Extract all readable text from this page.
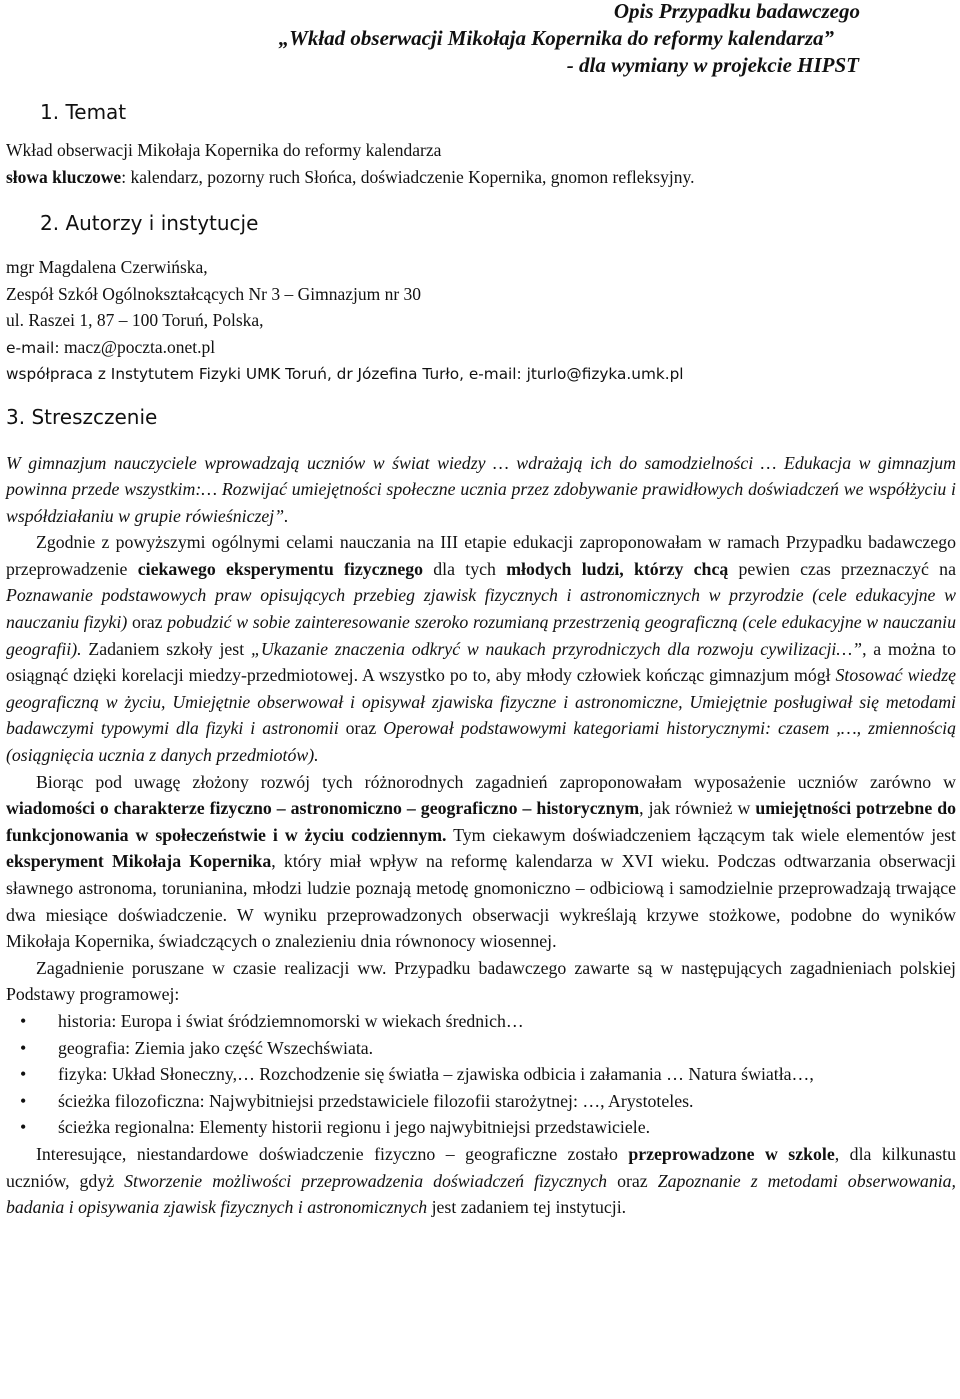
Opis Przypadku badawczego
„Wkład obserwacji Mikołaja Kopernika do reformy kalendarza”
- dla wymiany w projekcie HIPST
1. Temat
Wkład obserwacji Mikołaja Kopernika do reformy kalendarza
słowa kluczowe: kalendarz, pozorny ruch Słońca, doświadczenie Kopernika, gnomon refleksyjny.
2. Autorzy i instytucje
mgr Magdalena Czerwińska,
Zespół Szkół Ogólnokształcących Nr 3 – Gimnazjum nr 30
ul. Raszei 1, 87 – 100 Toruń, Polska,
e-mail: macz@poczta.onet.pl
współpraca z Instytutem Fizyki UMK Toruń, dr Józefina Turło, e-mail: jturlo@fizyka.umk.pl
3. Streszczenie

W gimnazjum nauczyciele wprowadzają uczniów w świat wiedzy … wdrażają ich do samodzielności … Edukacja w gimnazjum powinna przede wszystkim:… Rozwijać umiejętności społeczne ucznia przez zdobywanie prawidłowych doświadczeń we współżyciu i współdziałaniu w grupie rówieśniczej”.

Zgodnie z powyższymi ogólnymi celami nauczania na III etapie edukacji zaproponowałam w ramach Przypadku badawczego przeprowadzenie ciekawego eksperymentu fizycznego dla tych młodych ludzi, którzy chcą pewien czas przeznaczyć na Poznawanie podstawowych praw opisujących przebieg zjawisk fizycznych i astronomicznych w przyrodzie (cele edukacyjne w nauczaniu fizyki) oraz pobudzić w sobie zainteresowanie szeroko rozumianą przestrzenią geograficzną (cele edukacyjne w nauczaniu geografii). Zadaniem szkoły jest „Ukazanie znaczenia odkryć w naukach przyrodniczych dla rozwoju cywilizacji…”, a można to osiągnąć dzięki korelacji miedzy-przedmiotowej. A wszystko po to, aby młody człowiek kończąc gimnazjum mógł Stosować wiedzę geograficzną w życiu, Umiejętnie obserwował i opisywał zjawiska fizyczne i astronomiczne, Umiejętnie posługiwał się metodami badawczymi typowymi dla fizyki i astronomii oraz Operował podstawowymi kategoriami historycznymi: czasem ,…, zmiennością (osiągnięcia ucznia z danych przedmiotów).

Biorąc pod uwagę złożony rozwój tych różnorodnych zagadnień zaproponowałam wyposażenie uczniów zarówno w wiadomości o charakterze fizyczno – astronomiczno – geograficzno – historycznym, jak również w umiejętności potrzebne do funkcjonowania w społeczeństwie i w życiu codziennym. Tym ciekawym doświadczeniem łączącym tak wiele elementów jest eksperyment Mikołaja Kopernika, który miał wpływ na reformę kalendarza w XVI wieku. Podczas odtwarzania obserwacji sławnego astronoma, torunianina, młodzi ludzie poznają metodę gnomoniczno – odbiciową i samodzielnie przeprowadzają trwające dwa miesiące doświadczenie. W wyniku przeprowadzonych obserwacji wykreślają krzywe stożkowe, podobne do wyników Mikołaja Kopernika, świadczących o znalezieniu dnia równonocy wiosennej.

Zagadnienie poruszane w czasie realizacji ww. Przypadku badawczego zawarte są w następujących zagadnieniach polskiej Podstawy programowej:

• historia: Europa i świat śródziemnomorski w wiekach średnich…
• geografia: Ziemia jako część Wszechświata.
• fizyka: Układ Słoneczny,… Rozchodzenie się światła – zjawiska odbicia i załamania … Natura światła…,
• ścieżka filozoficzna: Najwybitniejsi przedstawiciele filozofii starożytnej: …, Arystoteles.
• ścieżka regionalna: Elementy historii regionu i jego najwybitniejsi przedstawiciele.

Interesujące, niestandardowe doświadczenie fizyczno – geograficzne zostało przeprowadzone w szkole, dla kilkunastu uczniów, gdyż Stworzenie możliwości przeprowadzenia doświadczeń fizycznych oraz Zapoznanie z metodami obserwowania, badania i opisywania zjawisk fizycznych i astronomicznych jest zadaniem tej instytucji.
